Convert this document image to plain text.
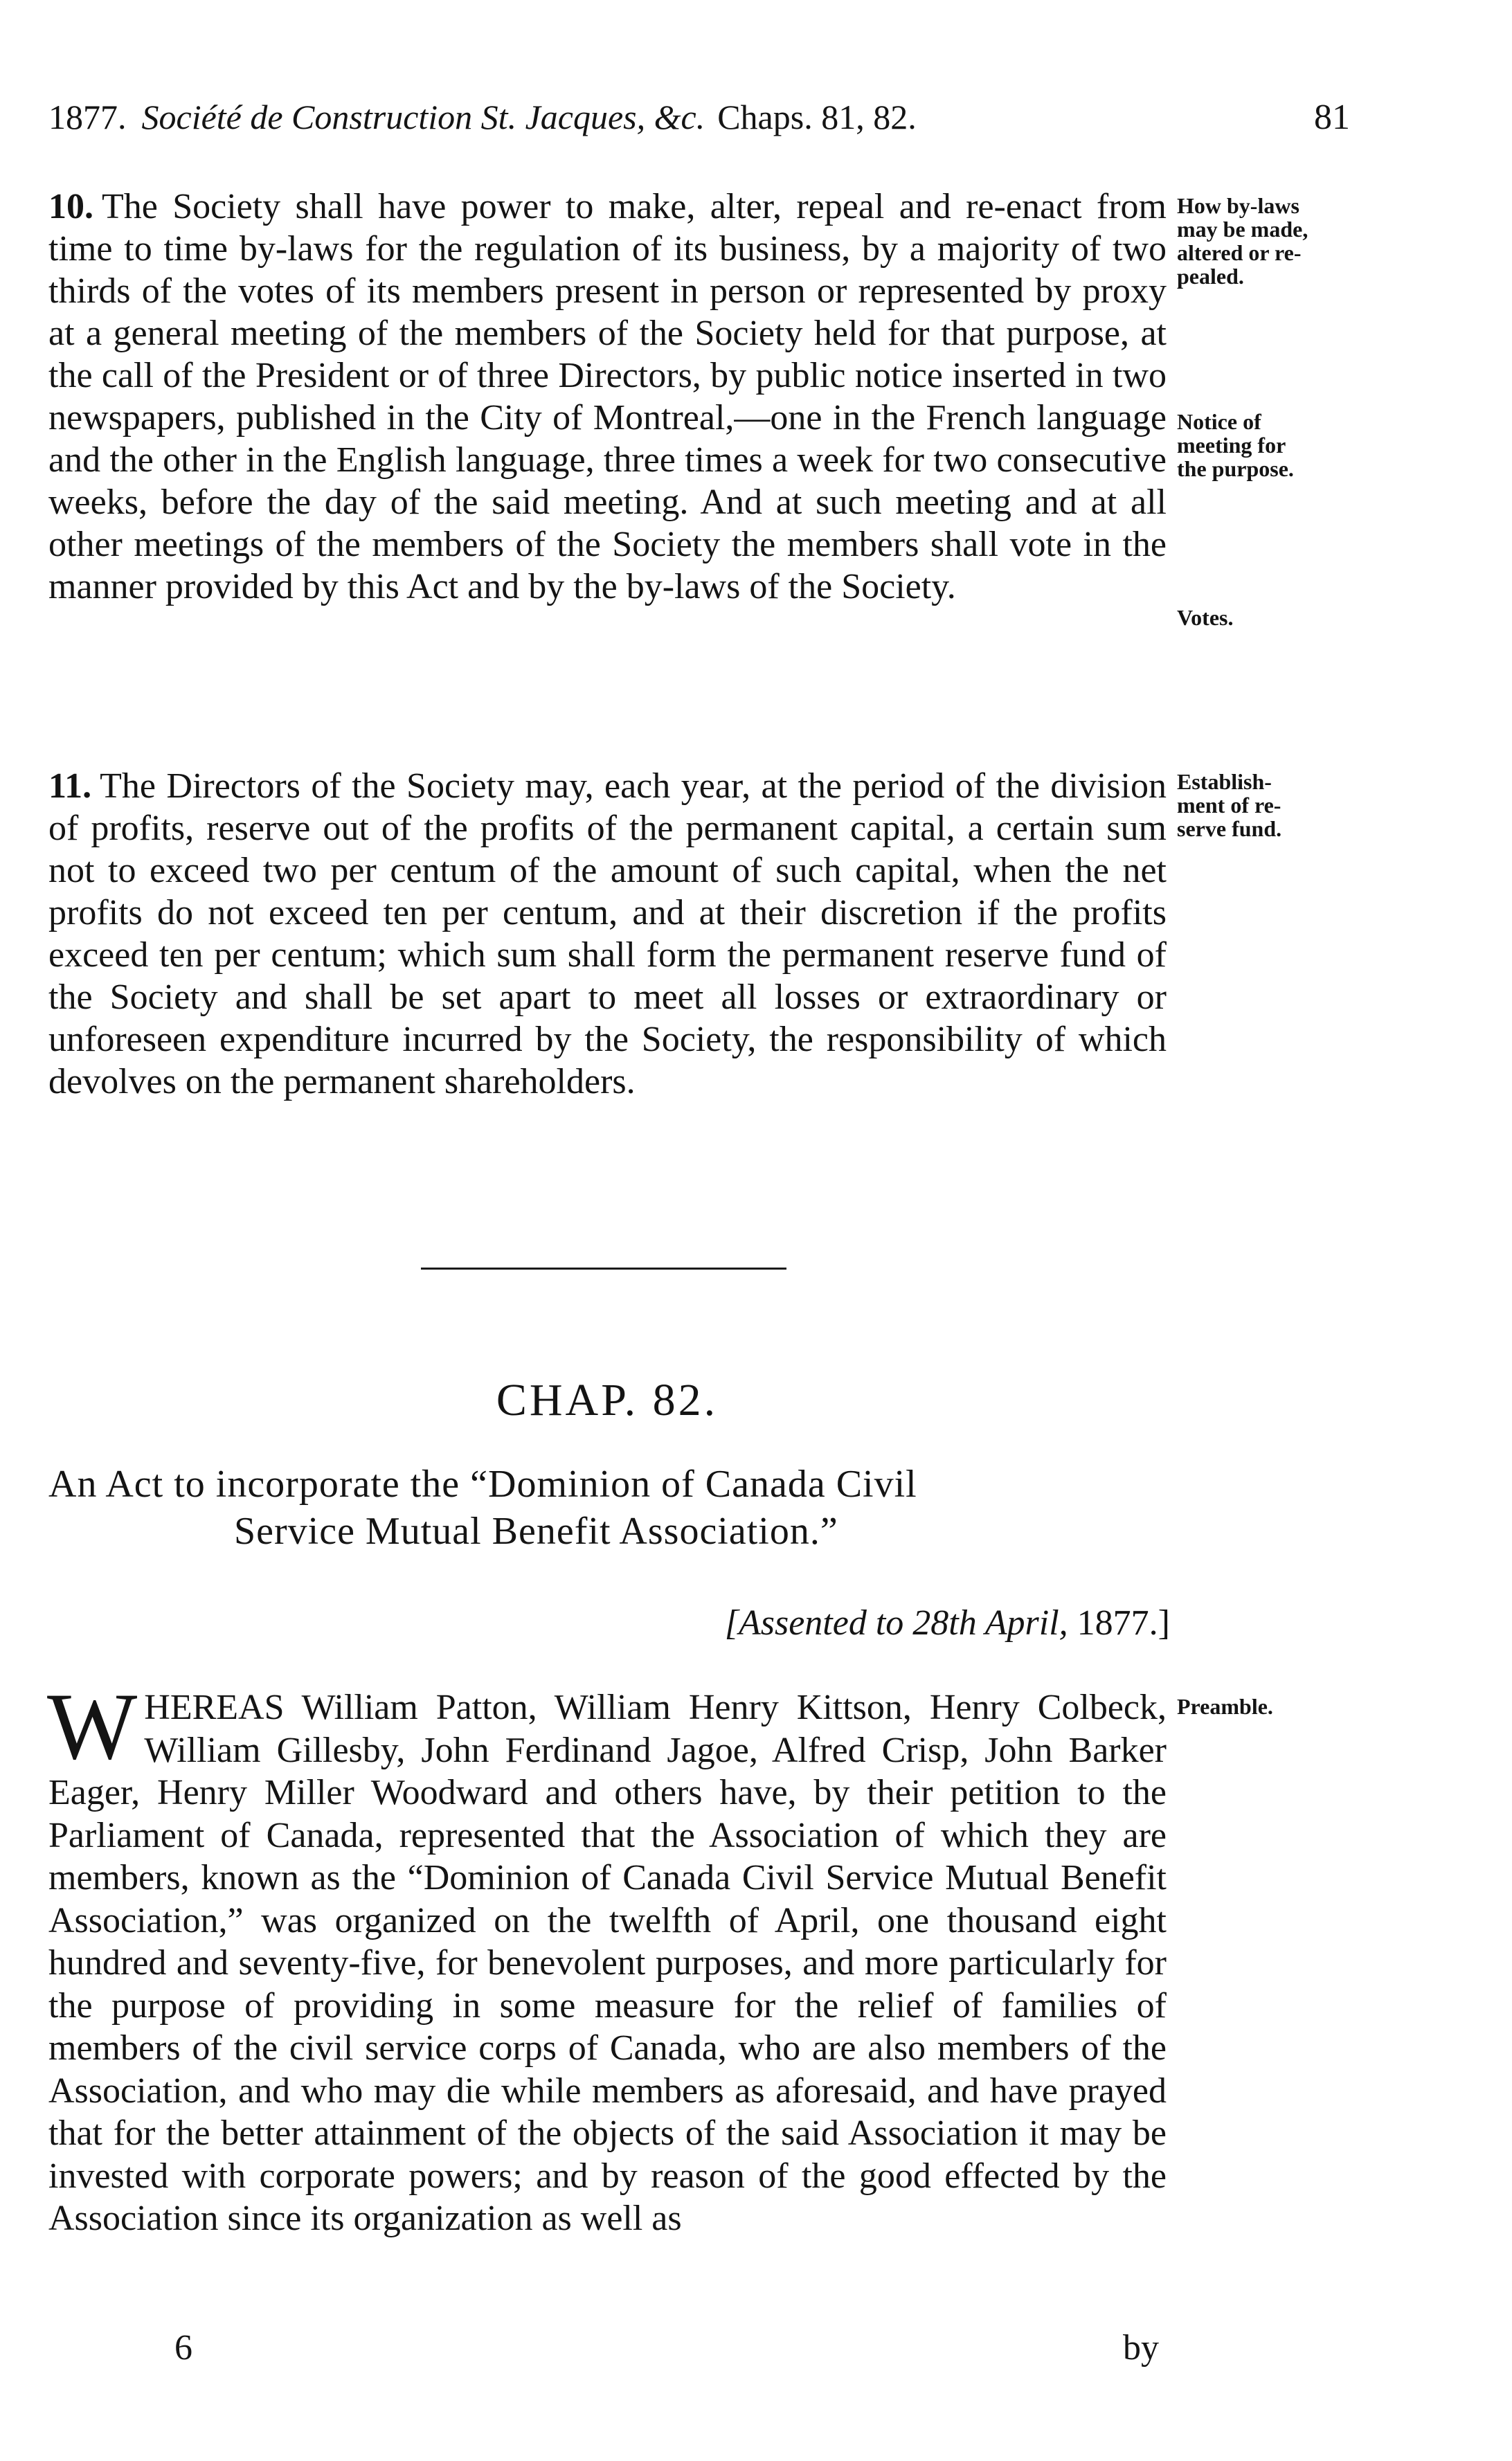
1877. Société de Construction St. Jacques, &c. Chaps. 81, 82.	81
10. The Society shall have power to make, alter, repeal and re-enact from time to time by-laws for the regulation of its business, by a majority of two thirds of the votes of its members present in person or represented by proxy at a general meeting of the members of the Society held for that purpose, at the call of the President or of three Directors, by public notice inserted in two newspapers, published in the City of Montreal,—one in the French language and the other in the English language, three times a week for two consecutive weeks, before the day of the said meeting. And at such meeting and at all other meetings of the members of the Society the members shall vote in the manner provided by this Act and by the by-laws of the Society.
How by-laws
may be made,
altered or re-
pealed.
Notice of
meeting for
the purpose.
Votes.
11. The Directors of the Society may, each year, at the period of the division of profits, reserve out of the profits of the permanent capital, a certain sum not to exceed two per centum of the amount of such capital, when the net profits do not exceed ten per centum, and at their discretion if the profits exceed ten per centum; which sum shall form the permanent reserve fund of the Society and shall be set apart to meet all losses or extraordinary or unforeseen expenditure incurred by the Society, the responsibility of which devolves on the permanent shareholders.
Establish-
ment of re-
serve fund.
CHAP. 82.
An Act to incorporate the “Dominion of Canada Civil
Service Mutual Benefit Association.”
[Assented to 28th April, 1877.]
WHEREAS William Patton, William Henry Kittson, Henry Colbeck, William Gillesby, John Ferdinand Jagoe, Alfred Crisp, John Barker Eager, Henry Miller Woodward and others have, by their petition to the Parliament of Canada, represented that the Association of which they are members, known as the “Dominion of Canada Civil Service Mutual Benefit Association,” was organized on the twelfth of April, one thousand eight hundred and seventy-five, for benevolent purposes, and more particularly for the purpose of providing in some measure for the relief of families of members of the civil service corps of Canada, who are also members of the Association, and who may die while members as aforesaid, and have prayed that for the better attainment of the objects of the said Association it may be invested with corporate powers; and by reason of the good effected by the Association since its organization as well as
Preamble.
6	by
